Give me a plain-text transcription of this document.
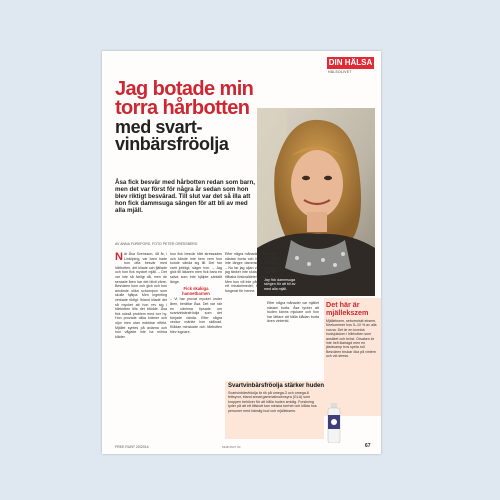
DIN HÄLSA
HÄLSOLIVET
Jag botade min torra hårbotten
med svart- vinbärsfröolja

Åsa fick besvär med hårbotten redan som barn, men det var först för några år sedan som hon blev riktigt besvärad. Till slut var det så illa att hon fick dammsuga sängen för att bli av med alla mjäll.

AV ANNA FORKFORS, FOTO PETER GRESSBERG
Jag fick dammsuga sängen för att bli av med alla mjäll.

När Åsa Svensson, 48 år, i Linköping, var barn hade hon ofta besvär med hårbotten, det kliade och fjällade och hon fick mycket mjäll. – Det var inte så farligt då, men de senaste åren har det blivit värre. Besvären kom och gick och hon använde olika schampon som skulle hjälpa. Men ingenting verkade riktigt. Ibland kliade det så mycket att hon rev sig i hårbotten tills det blödde. Åsa fick också problem med torr hy. Hon provade olika krämer och oljor men utan märkbar effekt. Mjället syntes på axlarna och hon vågade inte ha mörka kläder.

hon fick besvär hårt stressades och kände inte hem vem hon kunde vända sig till. Det har varit jobbigt, säger hon. – Jag gick till läkaren men fick bara en salva som inte hjälpte särskilt länge.
Fick skakiga hannetbarnen
– Vi har provat mycket under åren, berättar Åsa. Det var när en väninna tipsade om svartvinbärsfröolja som det började vända. Efter några veckor märkte hon skillnad. Klådan minskade och hårbotten blev lugnare.

Efter några månader var mjället nästan borta och hon behövde inte längre dammsuga sängen. – Nu tar jag oljan varje dag och jag tänker inte sluta. Jag har fått tillbaka livskvaliteten, säger Åsa. Men hon vill inte påstå att det är ett mirakelmedel, bara att det fungerat för henne.

Efter några månader var mjället nästan borta. Åsa tycker att huden känns mjukare och hon har lättare att hålla klådan borta även vintertid.

Det här är mjällekszem

Mjälleksem, seborroiskt eksem, förekommer hos 5–10 % av alla vuxna. Det är en kronisk hudsjukdom i hårbotten som ansiktet och bröst. Orsaken är inte helt klarlagd men en jästsvamp tros spela roll. Besvären brukar öka på vintern och vid stress.

Svartvinbärsfröolja stärker huden

Svartvinbärsfröolja är rik på omega-3 och omega-6 fettsyror, bland annat gammalinolensyra (GLA) som kroppen behöver för att hålla huden smidig. Forskning tyder på att ett tillskott kan minska torrhet och klåda hos personer med känslig hud och mjälleksem.

FREE RUNT 20/2014	MHB 0MIT 00	67
